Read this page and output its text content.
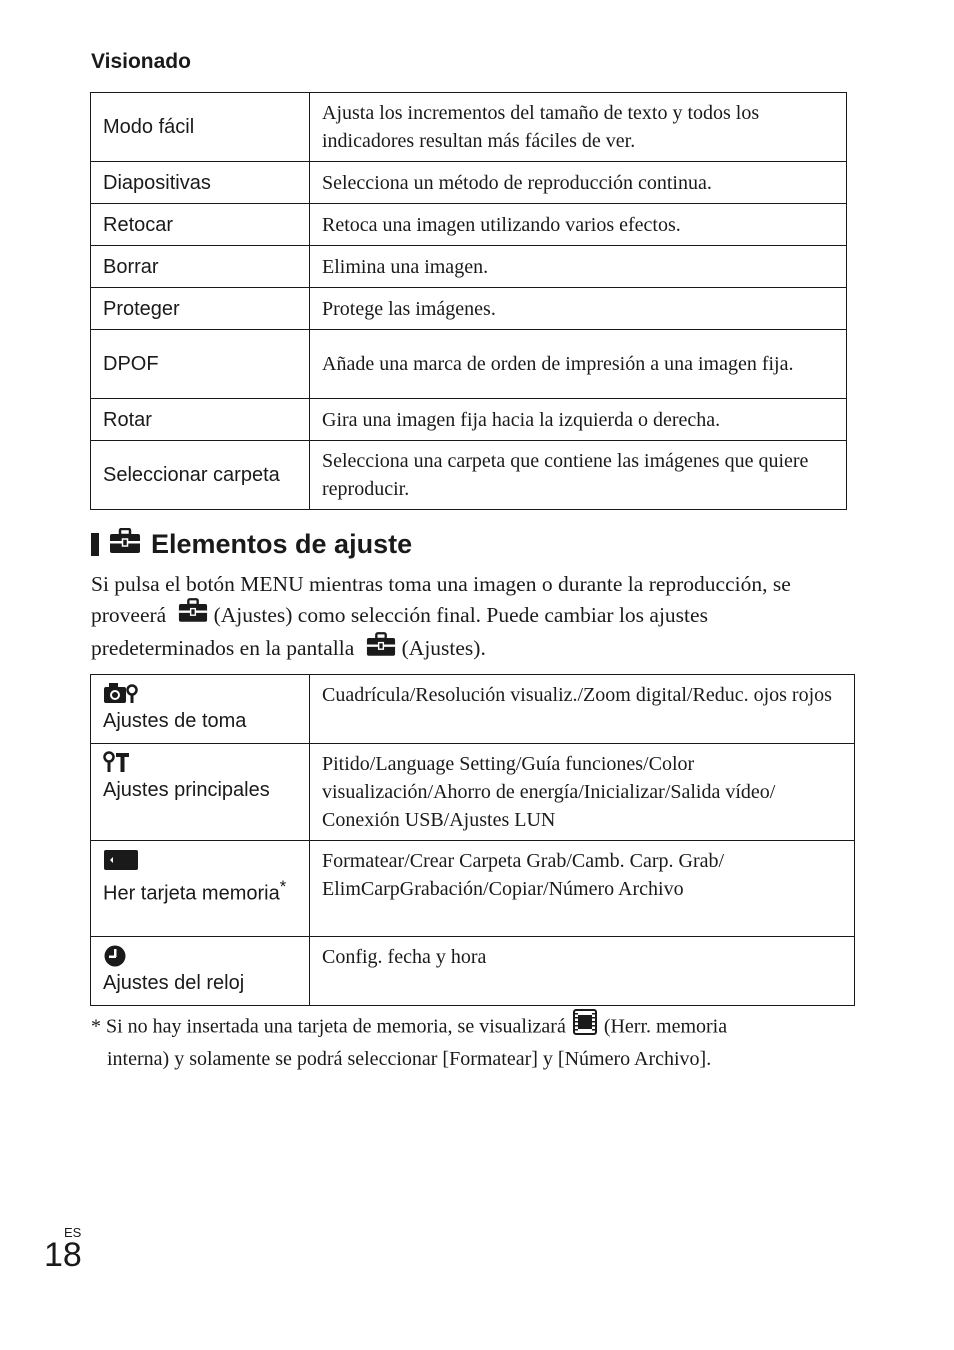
Visionado
Modo fácil	Ajusta los incrementos del tamaño de texto y todos los indicadores resultan más fáciles de ver.
Diapositivas	Selecciona un método de reproducción continua.
Retocar	Retoca una imagen utilizando varios efectos.
Borrar	Elimina una imagen.
Proteger	Protege las imágenes.
DPOF	Añade una marca de orden de impresión a una imagen fija.
Rotar	Gira una imagen fija hacia la izquierda o derecha.
Seleccionar carpeta	Selecciona una carpeta que contiene las imágenes que quiere reproducir.
Elementos de ajuste
Si pulsa el botón MENU mientras toma una imagen o durante la reproducción, se proveerá (Ajustes) como selección final. Puede cambiar los ajustes predeterminados en la pantalla (Ajustes).
Ajustes de toma	Cuadrícula/Resolución visualiz./Zoom digital/Reduc. ojos rojos

Ajustes principales	Pitido/Language Setting/Guía funciones/Color visualización/Ahorro de energía/Inicializar/Salida vídeo/ Conexión USB/Ajustes LUN

Her tarjeta memoria*	Formatear/Crear Carpeta Grab/Camb. Carp. Grab/ ElimCarpGrabación/Copiar/Número Archivo

Ajustes del reloj	Config. fecha y hora
* Si no hay insertada una tarjeta de memoria, se visualizará (Herr. memoria
interna) y solamente se podrá seleccionar [Formatear] y [Número Archivo].
ES
18
